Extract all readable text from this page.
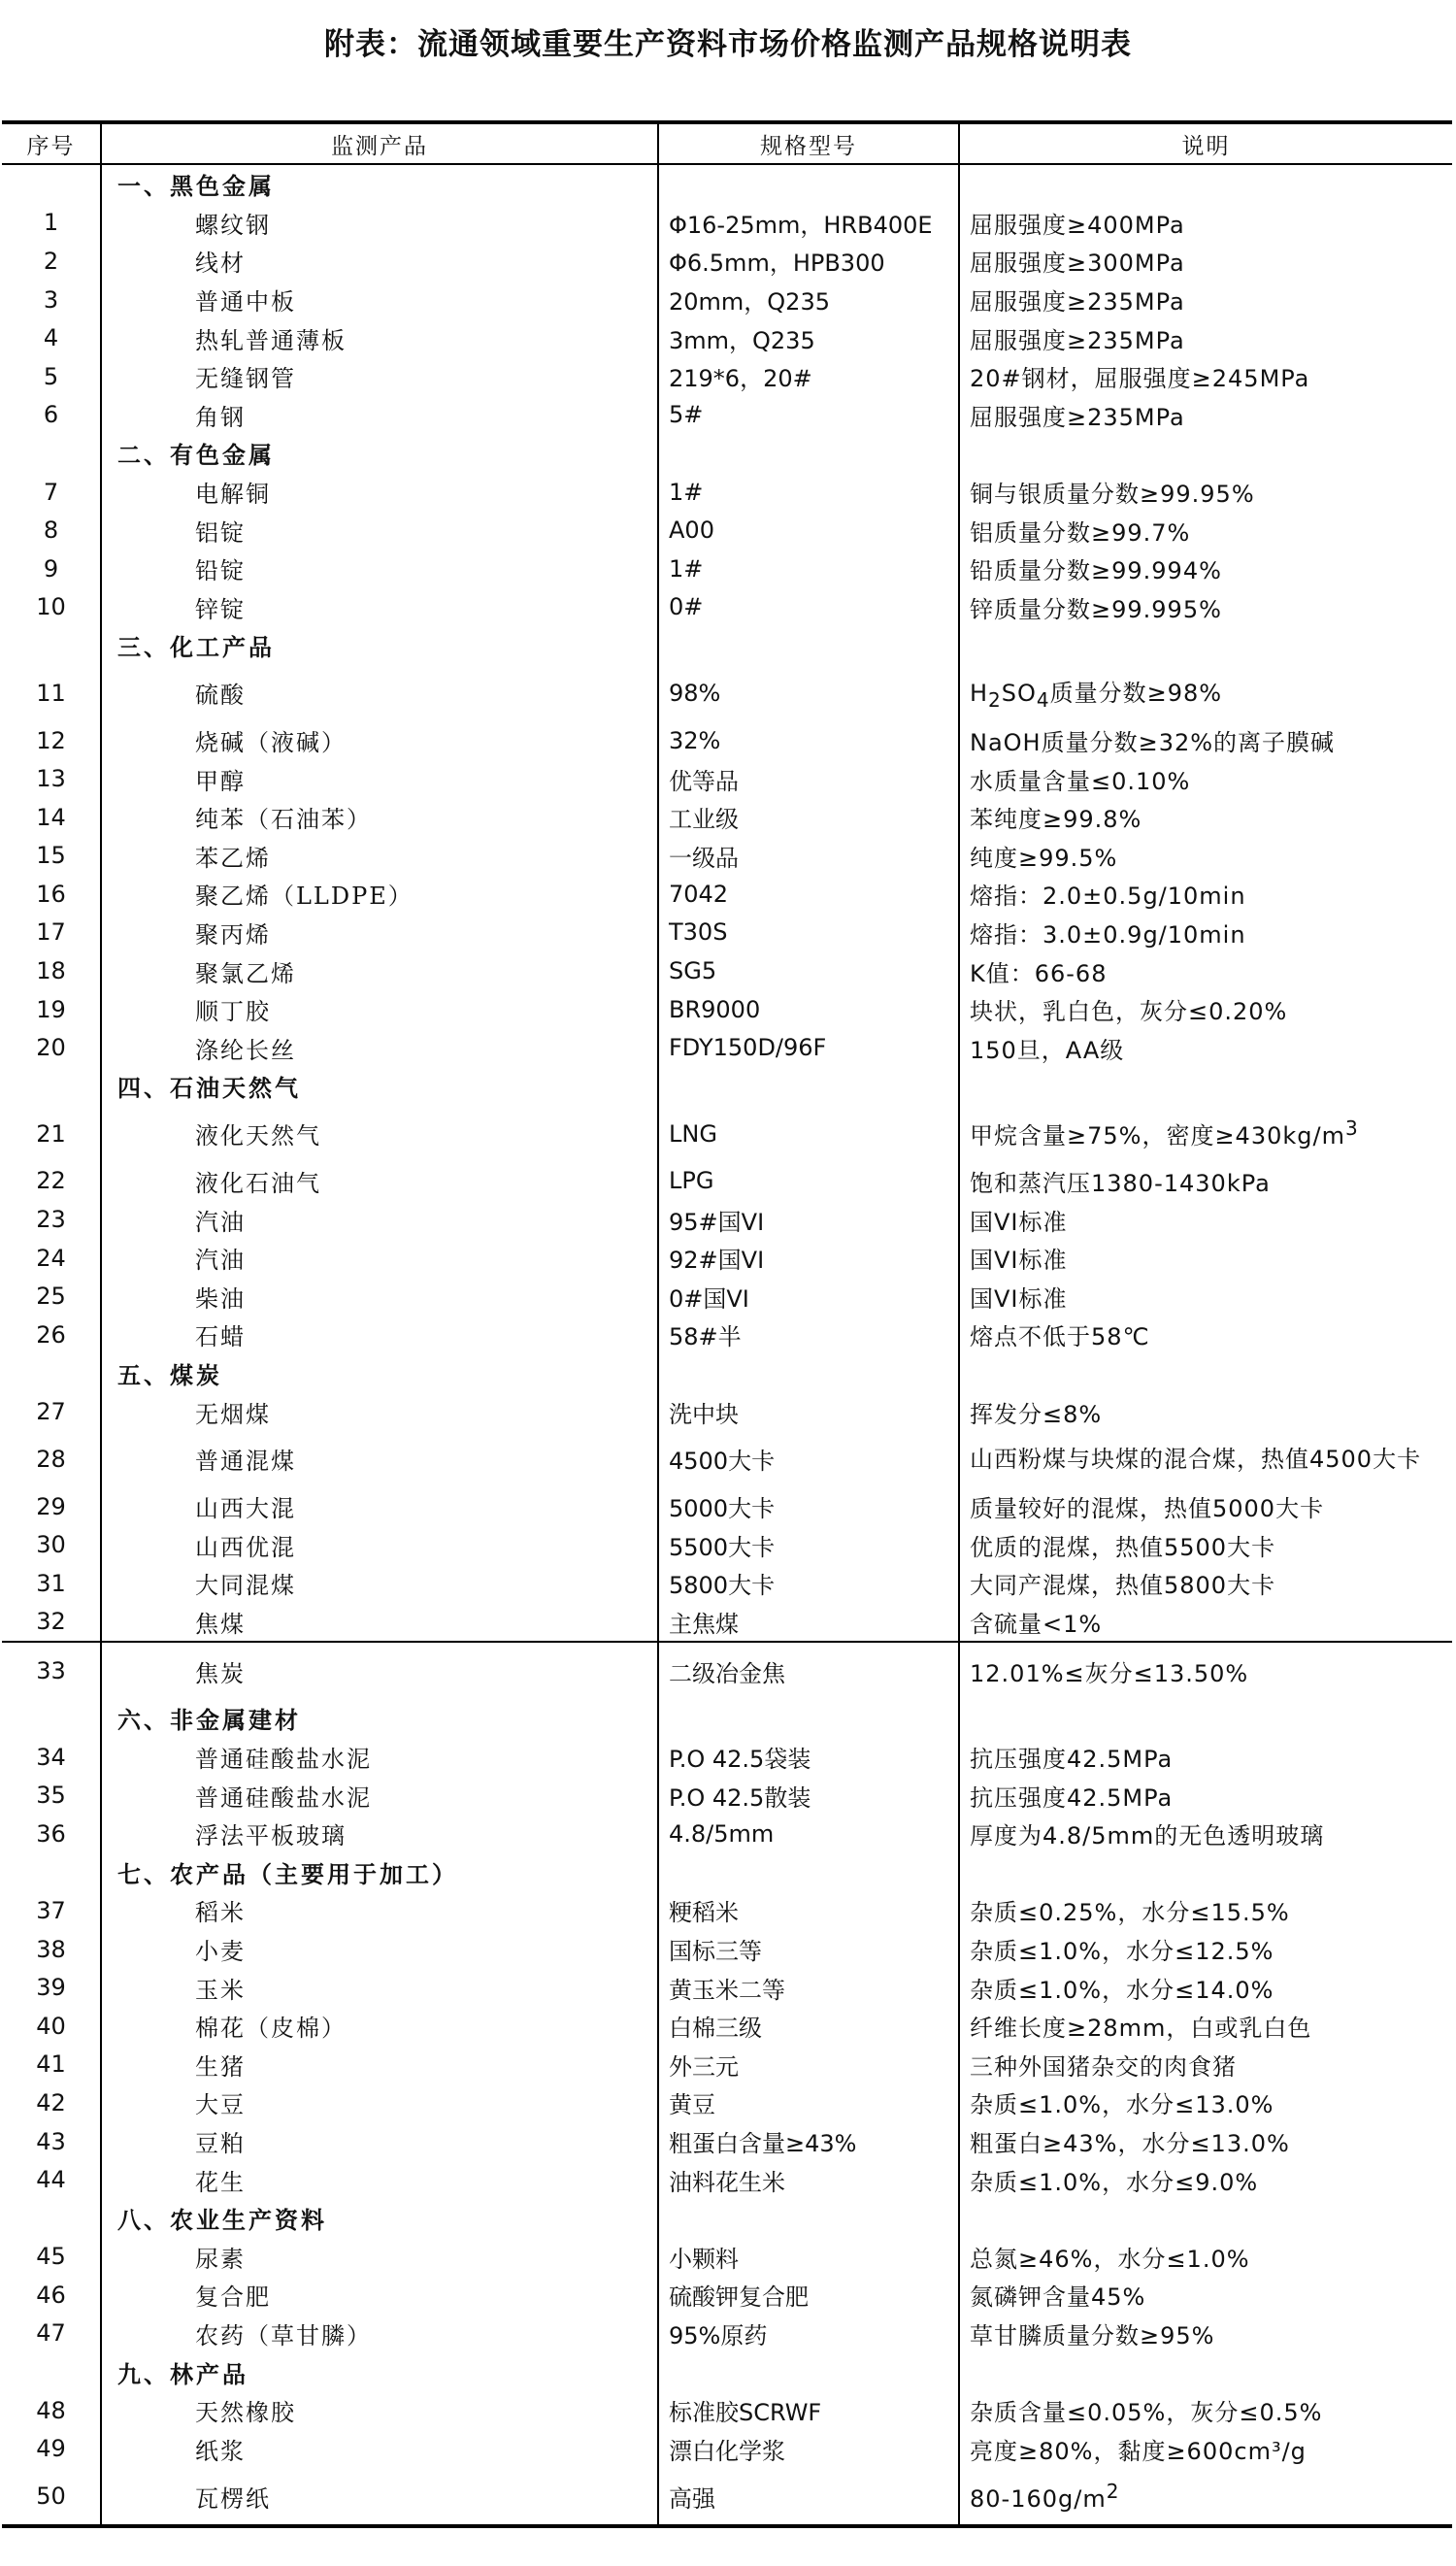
附表：流通领域重要生产资料市场价格监测产品规格说明表
序号	监测产品	规格型号	说明
	一、黑色金属		
1	螺纹钢	Φ16-25mm，HRB400E	屈服强度≥400MPa
2	线材	Φ6.5mm，HPB300	屈服强度≥300MPa
3	普通中板	20mm，Q235	屈服强度≥235MPa
4	热轧普通薄板	3mm，Q235	屈服强度≥235MPa
5	无缝钢管	219*6，20#	20#钢材，屈服强度≥245MPa
6	角钢	5#	屈服强度≥235MPa
	二、有色金属		
7	电解铜	1#	铜与银质量分数≥99.95%
8	铝锭	A00	铝质量分数≥99.7%
9	铅锭	1#	铅质量分数≥99.994%
10	锌锭	0#	锌质量分数≥99.995%
	三、化工产品		
11	硫酸	98%	$H_2SO_4$质量分数≥98%
12	烧碱（液碱）	32%	NaOH质量分数≥32%的离子膜碱
13	甲醇	优等品	水质量含量≤0.10%
14	纯苯（石油苯）	工业级	苯纯度≥99.8%
15	苯乙烯	一级品	纯度≥99.5%
16	聚乙烯（LLDPE）	7042	熔指：2.0±0.5g/10min
17	聚丙烯	T30S	熔指：3.0±0.9g/10min
18	聚氯乙烯	SG5	K值：66-68
19	顺丁胶	BR9000	块状，乳白色，灰分≤0.20%
20	涤纶长丝	FDY150D/96F	150旦，AA级
	四、石油天然气		
21	液化天然气	LNG	甲烷含量≥75%，密度$\ge 430kg/m^3$
22	液化石油气	LPG	饱和蒸汽压1380-1430kPa
23	汽油	95#国VI	国VI标准
24	汽油	92#国VI	国VI标准
25	柴油	0#国VI	国VI标准
26	石蜡	58#半	熔点不低于58℃
	五、煤炭		
27	无烟煤	洗中块	挥发分≤8%
28	普通混煤	4500大卡	山西粉煤与块煤的混合煤，热值4500大卡
29	山西大混	5000大卡	质量较好的混煤，热值5000大卡
30	山西优混	5500大卡	优质的混煤，热值5500大卡
31	大同混煤	5800大卡	大同产混煤，热值5800大卡
32	焦煤	主焦煤	含硫量<1%
33	焦炭	二级冶金焦	12.01%≤灰分≤13.50%
	六、非金属建材		
34	普通硅酸盐水泥	P.O 42.5袋装	抗压强度42.5MPa
35	普通硅酸盐水泥	P.O 42.5散装	抗压强度42.5MPa
36	浮法平板玻璃	4.8/5mm	厚度为4.8/5mm的无色透明玻璃
	七、农产品（主要用于加工）		
37	稻米	粳稻米	杂质≤0.25%，水分≤15.5%
38	小麦	国标三等	杂质≤1.0%，水分≤12.5%
39	玉米	黄玉米二等	杂质≤1.0%，水分≤14.0%
40	棉花（皮棉）	白棉三级	纤维长度≥28mm，白或乳白色
41	生猪	外三元	三种外国猪杂交的肉食猪
42	大豆	黄豆	杂质≤1.0%，水分≤13.0%
43	豆粕	粗蛋白含量≥43%	粗蛋白≥43%，水分≤13.0%
44	花生	油料花生米	杂质≤1.0%，水分≤9.0%
	八、农业生产资料		
45	尿素	小颗料	总氮≥46%，水分≤1.0%
46	复合肥	硫酸钾复合肥	氮磷钾含量45%
47	农药（草甘膦）	95%原药	草甘膦质量分数≥95%
	九、林产品		
48	天然橡胶	标准胶SCRWF	杂质含量≤0.05%，灰分≤0.5%
49	纸浆	漂白化学浆	亮度≥80%，黏度≥600cm³/g
50	瓦楞纸	高强	$80-160g/m^2$
